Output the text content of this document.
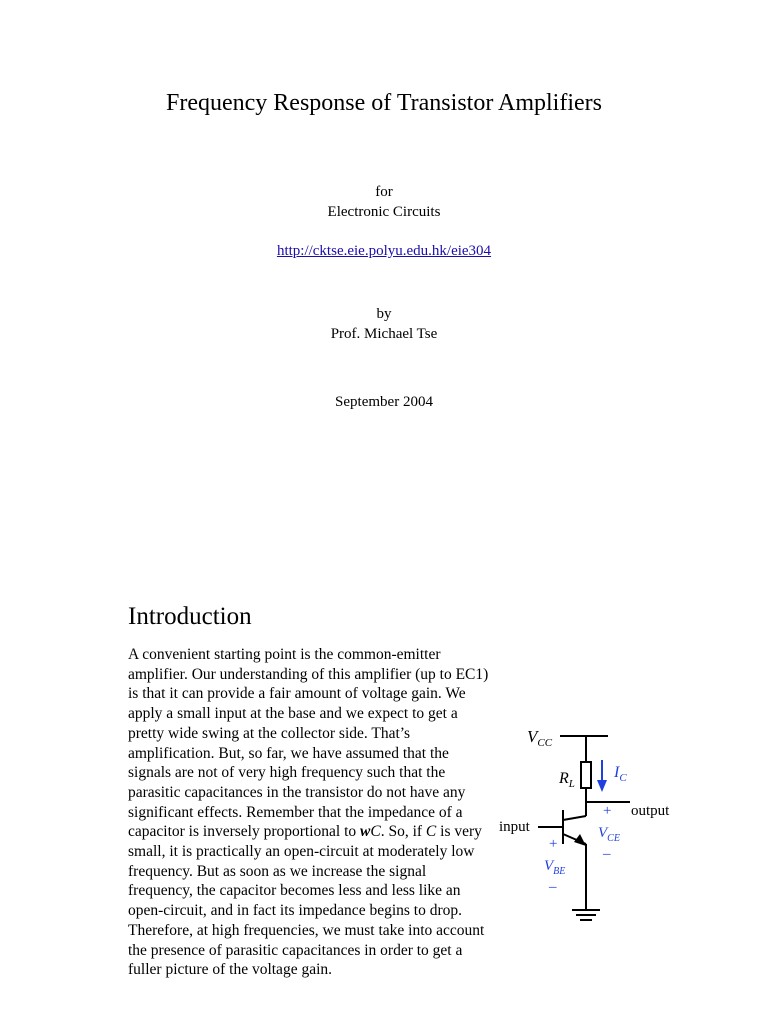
Frequency Response of Transistor Amplifiers
for
Electronic Circuits
http://cktse.eie.polyu.edu.hk/eie304
by
Prof. Michael Tse
September 2004
Introduction

A convenient starting point is the common-emitter amplifier. Our understanding of this amplifier (up to EC1) is that it can provide a fair amount of voltage gain. We apply a small input at the base and we expect to get a pretty wide swing at the collector side. That’s amplification. But, so far, we have assumed that the signals are not of very high frequency such that the parasitic capacitances in the transistor do not have any significant effects. Remember that the impedance of a capacitor is inversely proportional to wC. So, if C is very small, it is practically an open-circuit at moderately low frequency. But as soon as we increase the signal frequency, the capacitor becomes less and less like an open-circuit, and in fact its impedance begins to drop. Therefore, at high frequencies, we must take into account the presence of parasitic capacitances in order to get a fuller picture of the voltage gain.

$V_{CC}$
$R_L$
$I_C$
output
input
+
$V_{CE}$
–
+
$V_{BE}$
–
